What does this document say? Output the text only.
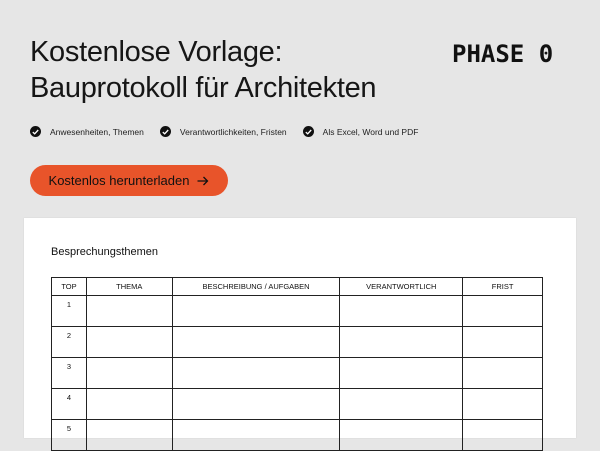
Kostenlose Vorlage:
Bauprotokoll für Architekten
PHASE 0
Anwesenheiten, Themen	Verantwortlichkeiten, Fristen	Als Excel, Word und PDF
Kostenlos herunterladen
Besprechungsthemen
TOP	THEMA	BESCHREIBUNG / AUFGABEN	VERANTWORTLICH	FRIST
1				
2				
3				
4				
5				
